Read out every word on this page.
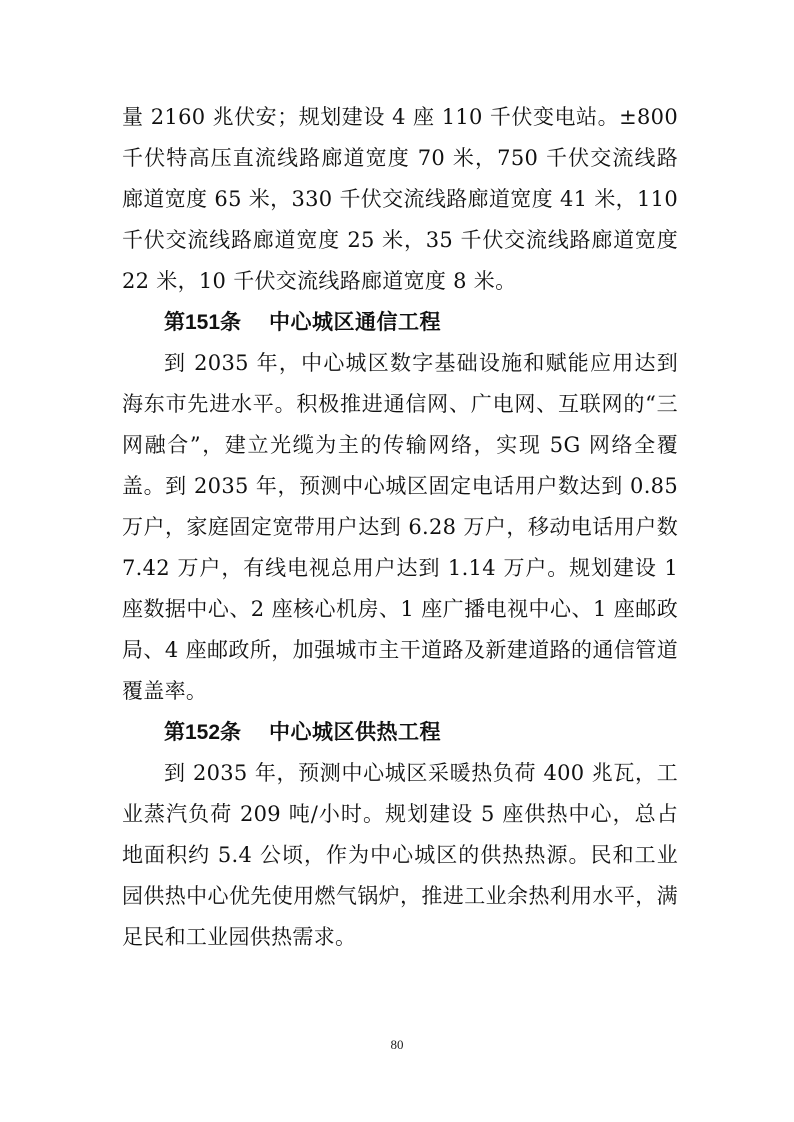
量 2160 兆伏安；规划建设 4 座 110 千伏变电站。±800 千伏特高压直流线路廊道宽度 70 米，750 千伏交流线路廊道宽度 65 米，330 千伏交流线路廊道宽度 41 米，110 千伏交流线路廊道宽度 25 米，35 千伏交流线路廊道宽度 22 米，10 千伏交流线路廊道宽度 8 米。

第151条 中心城区通信工程

到 2035 年，中心城区数字基础设施和赋能应用达到海东市先进水平。积极推进通信网、广电网、互联网的“三网融合”，建立光缆为主的传输网络，实现 5G 网络全覆盖。到 2035 年，预测中心城区固定电话用户数达到 0.85 万户，家庭固定宽带用户达到 6.28 万户，移动电话用户数 7.42 万户，有线电视总用户达到 1.14 万户。规划建设 1 座数据中心、2 座核心机房、1 座广播电视中心、1 座邮政局、4 座邮政所，加强城市主干道路及新建道路的通信管道覆盖率。

第152条 中心城区供热工程

到 2035 年，预测中心城区采暖热负荷 400 兆瓦，工业蒸汽负荷 209 吨/小时。规划建设 5 座供热中心，总占地面积约 5.4 公顷，作为中心城区的供热热源。民和工业园供热中心优先使用燃气锅炉，推进工业余热利用水平，满足民和工业园供热需求。

80
